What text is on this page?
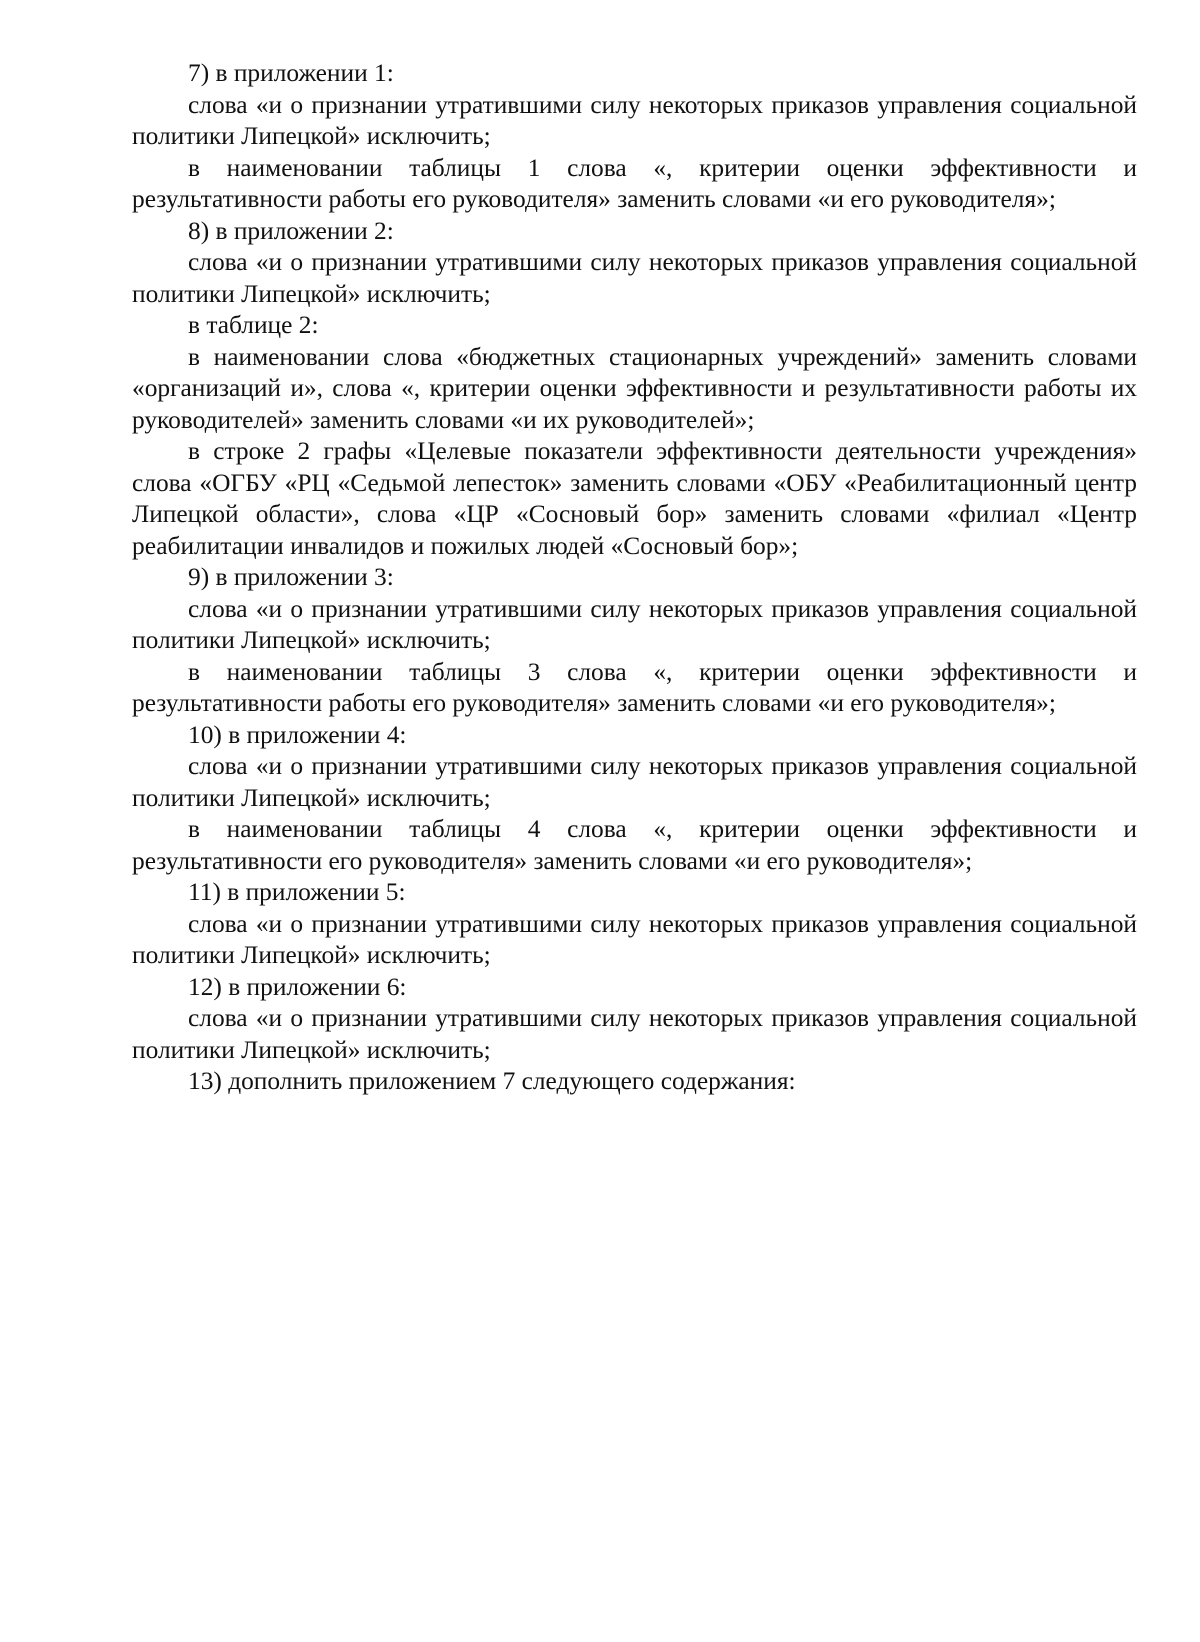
7) в приложении 1:

слова «и о признании утратившими силу некоторых приказов управления социальной политики Липецкой» исключить;

в наименовании таблицы 1 слова «, критерии оценки эффективности и результативности работы его руководителя» заменить словами «и его руководителя»;

8) в приложении 2:

слова «и о признании утратившими силу некоторых приказов управления социальной политики Липецкой» исключить;

в таблице 2:

в наименовании слова «бюджетных стационарных учреждений» заменить словами «организаций и», слова «, критерии оценки эффективности и результативности работы их руководителей» заменить словами «и их руководителей»;

в строке 2 графы «Целевые показатели эффективности деятельности учреждения» слова «ОГБУ «РЦ «Седьмой лепесток» заменить словами «ОБУ «Реабилитационный центр Липецкой области», слова «ЦР «Сосновый бор» заменить словами «филиал «Центр реабилитации инвалидов и пожилых людей «Сосновый бор»;

9) в приложении 3:

слова «и о признании утратившими силу некоторых приказов управления социальной политики Липецкой» исключить;

в наименовании таблицы 3 слова «, критерии оценки эффективности и результативности работы его руководителя» заменить словами «и его руководителя»;

10) в приложении 4:

слова «и о признании утратившими силу некоторых приказов управления социальной политики Липецкой» исключить;

в наименовании таблицы 4 слова «, критерии оценки эффективности и результативности его руководителя» заменить словами «и его руководителя»;

11) в приложении 5:

слова «и о признании утратившими силу некоторых приказов управления социальной политики Липецкой» исключить;

12) в приложении 6:

слова «и о признании утратившими силу некоторых приказов управления социальной политики Липецкой» исключить;

13) дополнить приложением 7 следующего содержания:
